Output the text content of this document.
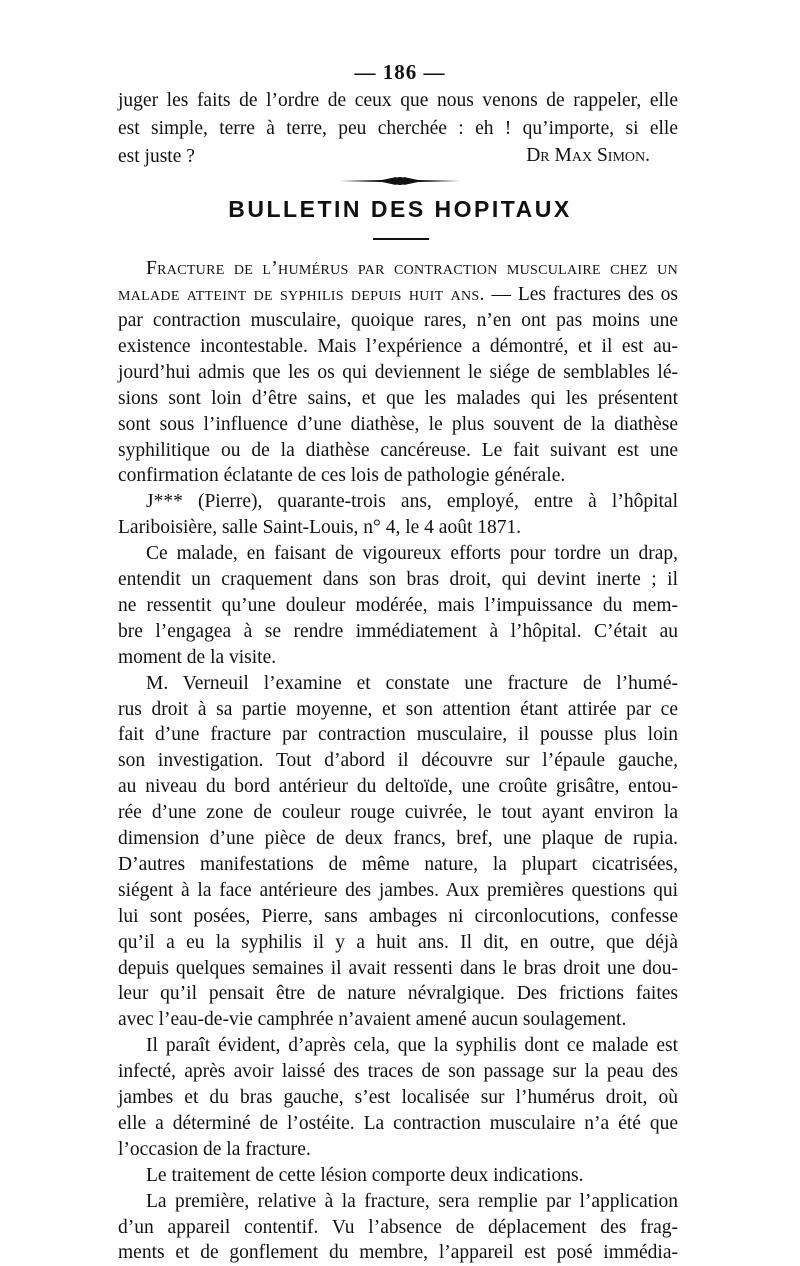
— 186 —
juger les faits de l’ordre de ceux que nous venons de rappeler, elle
est simple, terre à terre, peu cherchée : eh ! qu’importe, si elle
est juste ?	Dr Max Simon.
BULLETIN DES HOPITAUX
Fracture de l’humérus par contraction musculaire chez un
malade atteint de syphilis depuis huit ans. — Les fractures des os
par contraction musculaire, quoique rares, n’en ont pas moins une
existence incontestable. Mais l’expérience a démontré, et il est au-
jourd’hui admis que les os qui deviennent le siége de semblables lé-
sions sont loin d’être sains, et que les malades qui les présentent
sont sous l’influence d’une diathèse, le plus souvent de la diathèse
syphilitique ou de la diathèse cancéreuse. Le fait suivant est une
confirmation éclatante de ces lois de pathologie générale.
J*** (Pierre), quarante-trois ans, employé, entre à l’hôpital
Lariboisière, salle Saint-Louis, n° 4, le 4 août 1871.
Ce malade, en faisant de vigoureux efforts pour tordre un drap,
entendit un craquement dans son bras droit, qui devint inerte ; il
ne ressentit qu’une douleur modérée, mais l’impuissance du mem-
bre l’engagea à se rendre immédiatement à l’hôpital. C’était au
moment de la visite.
M. Verneuil l’examine et constate une fracture de l’humé-
rus droit à sa partie moyenne, et son attention étant attirée par ce
fait d’une fracture par contraction musculaire, il pousse plus loin
son investigation. Tout d’abord il découvre sur l’épaule gauche,
au niveau du bord antérieur du deltoïde, une croûte grisâtre, entou-
rée d’une zone de couleur rouge cuivrée, le tout ayant environ la
dimension d’une pièce de deux francs, bref, une plaque de rupia.
D’autres manifestations de même nature, la plupart cicatrisées,
siégent à la face antérieure des jambes. Aux premières questions qui
lui sont posées, Pierre, sans ambages ni circonlocutions, confesse
qu’il a eu la syphilis il y a huit ans. Il dit, en outre, que déjà
depuis quelques semaines il avait ressenti dans le bras droit une dou-
leur qu’il pensait être de nature névralgique. Des frictions faites
avec l’eau-de-vie camphrée n’avaient amené aucun soulagement.
Il paraît évident, d’après cela, que la syphilis dont ce malade est
infecté, après avoir laissé des traces de son passage sur la peau des
jambes et du bras gauche, s’est localisée sur l’humérus droit, où
elle a déterminé de l’ostéite. La contraction musculaire n’a été que
l’occasion de la fracture.
Le traitement de cette lésion comporte deux indications.
La première, relative à la fracture, sera remplie par l’application
d’un appareil contentif. Vu l’absence de déplacement des frag-
ments et de gonflement du membre, l’appareil est posé immédia-
